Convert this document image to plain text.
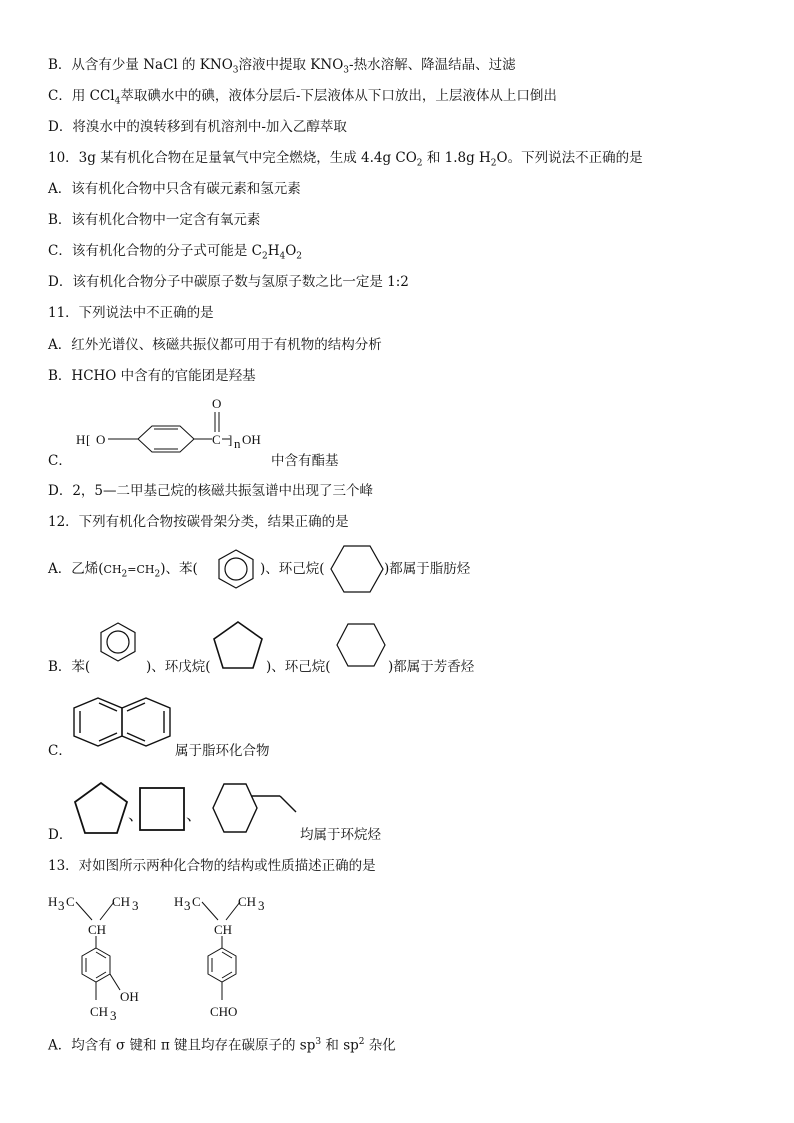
B．从含有少量 NaCl 的 $KNO_3$溶液中提取 $KNO_3-$热水溶解、降温结晶、过滤
C．用 CCl$_4$萃取碘水中的碘，液体分层后-下层液体从下口放出，上层液体从上口倒出
D．将溴水中的溴转移到有机溶剂中-加入乙醇萃取
10．3g 某有机化合物在足量氧气中完全燃烧，生成 4.4g $CO_2$ 和 1.8g $H_2O$。下列说法不正确的是
A．该有机化合物中只含有碳元素和氢元素
B．该有机化合物中一定含有氧元素
C．该有机化合物的分子式可能是 $C_2H_4O_2$
D．该有机化合物分子中碳原子数与氢原子数之比一定是 1:2
11．下列说法中不正确的是
A．红外光谱仪、核磁共振仪都可用于有机物的结构分析
B．HCHO 中含有的官能团是羟基
C．
H [ O	C
O
] n OH
中含有酯基
D．2，5—二甲基己烷的核磁共振氢谱中出现了三个峰
12．下列有机化合物按碳骨架分类，结果正确的是
A．乙烯$(CH_2=CH_2)$、苯(	)、环己烷(	)都属于脂肪烃
B．苯(	)、环戊烷(	)、环己烷(	)都属于芳香烃
C．	属于脂环化合物
D．
、	、
均属于环烷烃
13．对如图所示两种化合物的结构或性质描述正确的是
H 3 C	CH 3
CH
OH
CH 3
H 3 C	CH 3
CH
CHO
A．均含有 σ 键和 π 键且均存在碳原子的 $sp^3$ 和 $sp^2$ 杂化
